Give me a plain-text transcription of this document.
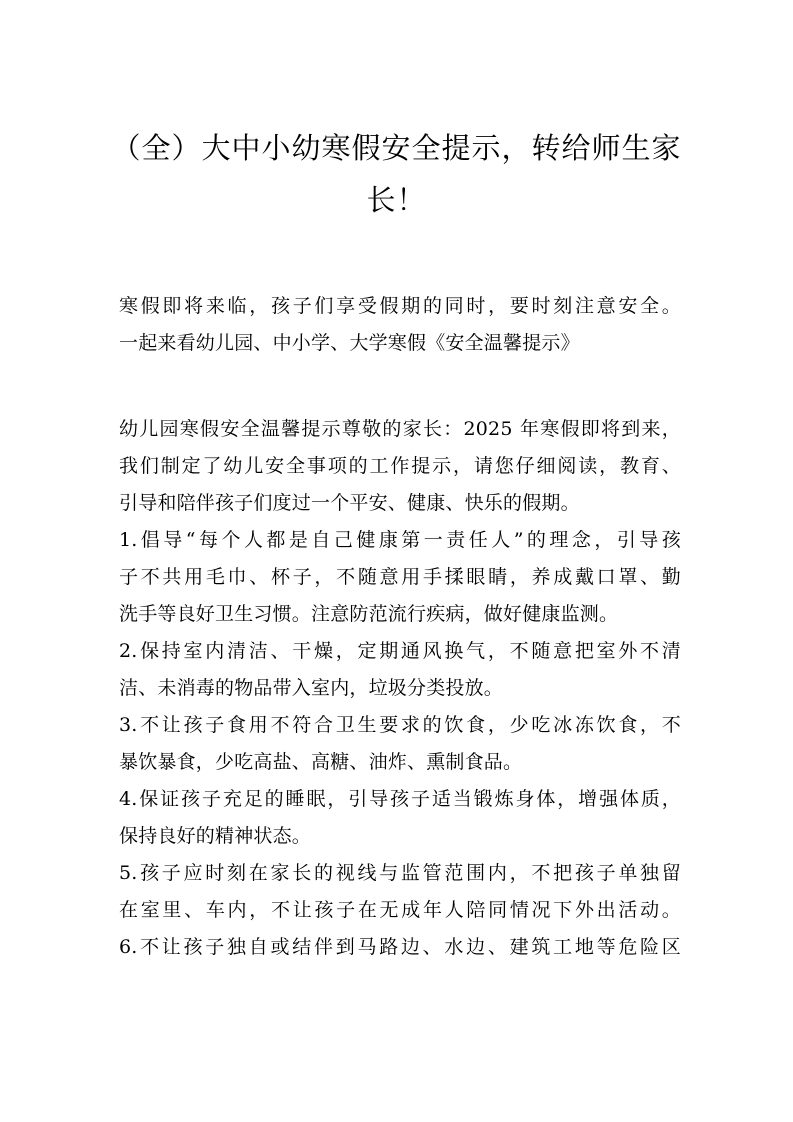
（全）大中小幼寒假安全提示，转给师生家
长！
寒假即将来临，孩子们享受假期的同时，要时刻注意安全。
一起来看幼儿园、中小学、大学寒假《安全温馨提示》
幼儿园寒假安全温馨提示尊敬的家长：2025 年寒假即将到来，
我们制定了幼儿安全事项的工作提示，请您仔细阅读，教育、
引导和陪伴孩子们度过一个平安、健康、快乐的假期。
1.倡导“每个人都是自己健康第一责任人”的理念，引导孩
子不共用毛巾、杯子，不随意用手揉眼睛，养成戴口罩、勤
洗手等良好卫生习惯。注意防范流行疾病，做好健康监测。
2.保持室内清洁、干燥，定期通风换气，不随意把室外不清
洁、未消毒的物品带入室内，垃圾分类投放。
3.不让孩子食用不符合卫生要求的饮食，少吃冰冻饮食，不
暴饮暴食，少吃高盐、高糖、油炸、熏制食品。
4.保证孩子充足的睡眠，引导孩子适当锻炼身体，增强体质，
保持良好的精神状态。
5.孩子应时刻在家长的视线与监管范围内，不把孩子单独留
在室里、车内，不让孩子在无成年人陪同情况下外出活动。
6.不让孩子独自或结伴到马路边、水边、建筑工地等危险区
